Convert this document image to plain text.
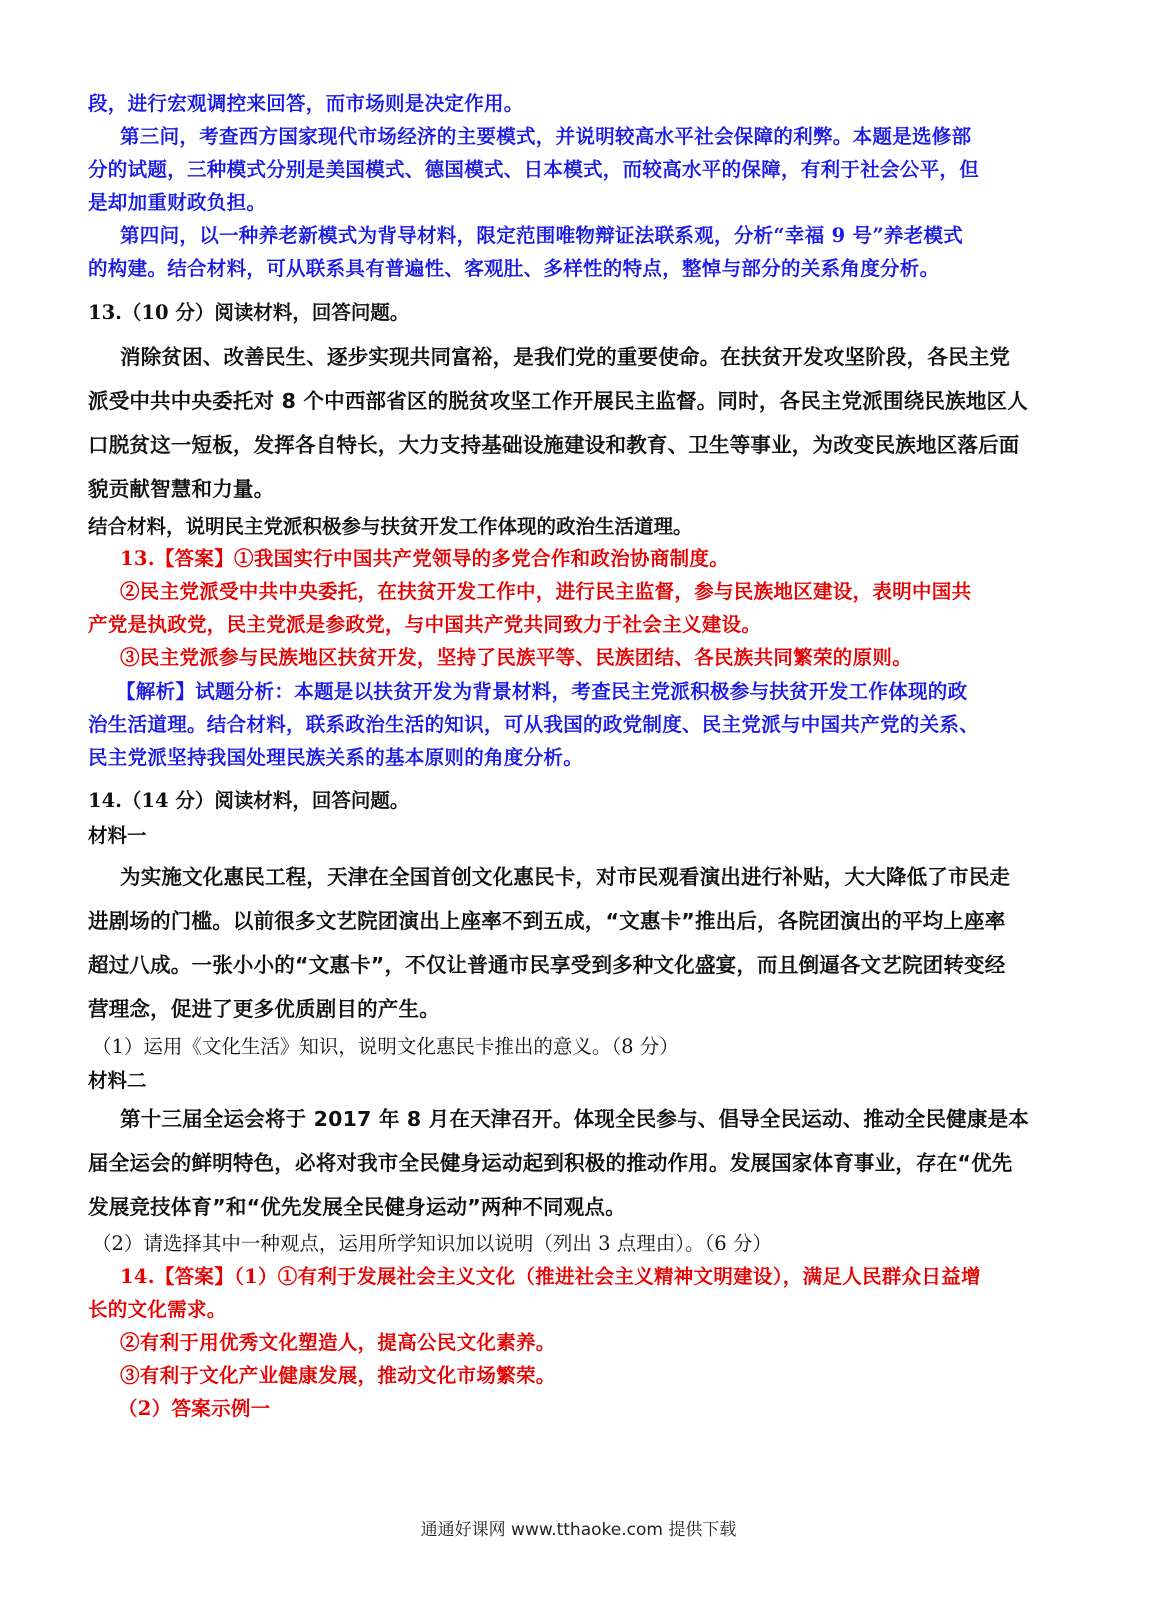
段，进行宏观调控来回答，而市场则是决定作用。

第三问，考查西方国家现代市场经济的主要模式，并说明较高水平社会保障的利弊。本题是选修部

分的试题，三种模式分别是美国模式、德国模式、日本模式，而较高水平的保障，有利于社会公平，但

是却加重财政负担。

第四问，以一种养老新模式为背导材料，限定范围唯物辩证法联系观，分析“幸福 9 号”养老模式

的构建。结合材料，可从联系具有普遍性、客观肚、多样性的特点，整悼与部分的关系角度分析。

13.（10 分）阅读材料，回答问题。

消除贫困、改善民生、逐步实现共同富裕，是我们党的重要使命。在扶贫开发攻坚阶段，各民主党

派受中共中央委托对 8 个中西部省区的脱贫攻坚工作开展民主监督。同时，各民主党派围绕民族地区人

口脱贫这一短板，发挥各自特长，大力支持基础设施建设和教育、卫生等事业，为改变民族地区落后面

貌贡献智慧和力量。

结合材料，说明民主党派积极参与扶贫开发工作体现的政治生活道理。

13.【答案】①我国实行中国共产党领导的多党合作和政治协商制度。

②民主党派受中共中央委托，在扶贫开发工作中，进行民主监督，参与民族地区建设，表明中国共

产党是执政党，民主党派是参政党，与中国共产党共同致力于社会主义建设。

③民主党派参与民族地区扶贫开发，坚持了民族平等、民族团结、各民族共同繁荣的原则。

【解析】试题分析：本题是以扶贫开发为背景材料，考查民主党派积极参与扶贫开发工作体现的政

治生活道理。结合材料，联系政治生活的知识，可从我国的政党制度、民主党派与中国共产党的关系、

民主党派坚持我国处理民族关系的基本原则的角度分析。

14.（14 分）阅读材料，回答问题。

材料一

为实施文化惠民工程，天津在全国首创文化惠民卡，对市民观看演出进行补贴，大大降低了市民走

进剧场的门槛。以前很多文艺院团演出上座率不到五成，“文惠卡”推出后，各院团演出的平均上座率

超过八成。一张小小的“文惠卡”，不仅让普通市民享受到多种文化盛宴，而且倒逼各文艺院团转变经

营理念，促进了更多优质剧目的产生。

（1）运用《文化生活》知识，说明文化惠民卡推出的意义。（8 分）

材料二

第十三届全运会将于 2017 年 8 月在天津召开。体现全民参与、倡导全民运动、推动全民健康是本

届全运会的鲜明特色，必将对我市全民健身运动起到积极的推动作用。发展国家体育事业，存在“优先

发展竞技体育”和“优先发展全民健身运动”两种不同观点。

（2）请选择其中一种观点，运用所学知识加以说明（列出 3 点理由）。（6 分）

14.【答案】（1）①有利于发展社会主义文化（推进社会主义精神文明建设），满足人民群众日益增

长的文化需求。

②有利于用优秀文化塑造人，提高公民文化素养。

③有利于文化产业健康发展，推动文化市场繁荣。

（2）答案示例一

通通好课网 www.tthaoke.com 提供下载
